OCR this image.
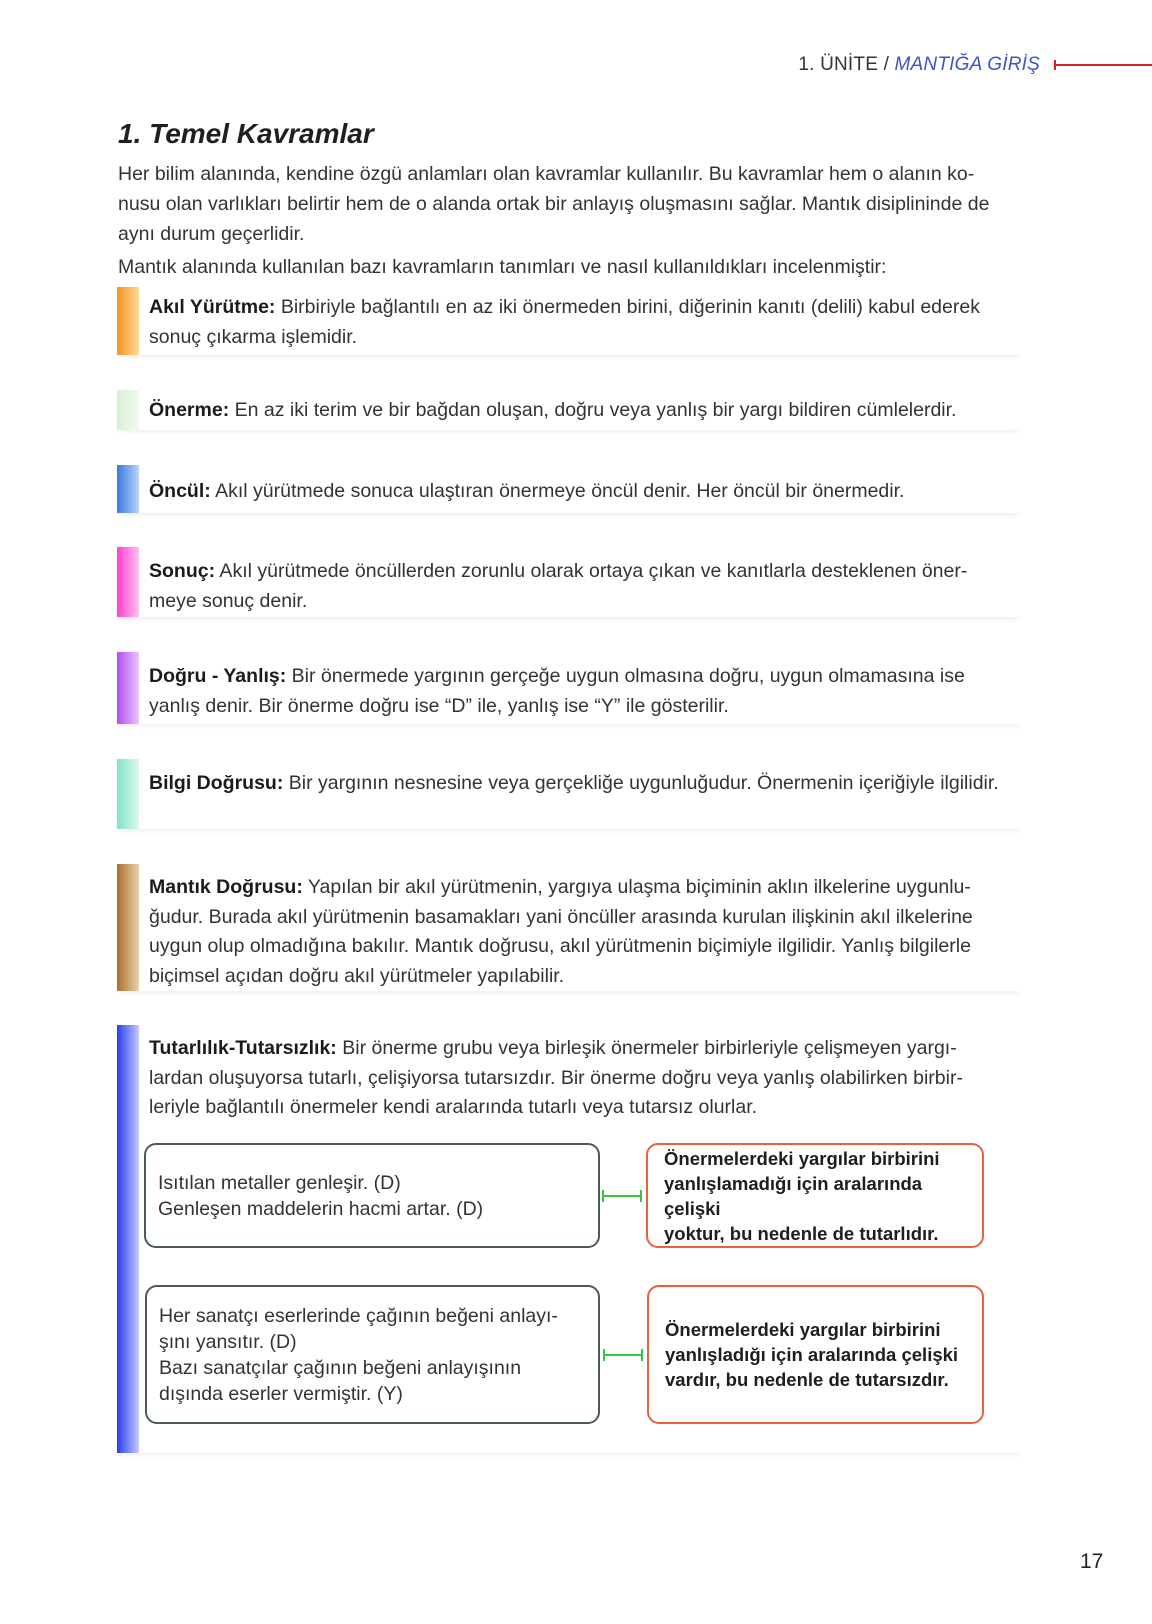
1. ÜNİTE / MANTIĞA GİRİŞ
1. Temel Kavramlar
Her bilim alanında, kendine özgü anlamları olan kavramlar kullanılır. Bu kavramlar hem o alanın ko-
nusu olan varlıkları belirtir hem de o alanda ortak bir anlayış oluşmasını sağlar. Mantık disiplininde de
aynı durum geçerlidir.
Mantık alanında kullanılan bazı kavramların tanımları ve nasıl kullanıldıkları incelenmiştir:
Akıl Yürütme: Birbiriyle bağlantılı en az iki önermeden birini, diğerinin kanıtı (delili) kabul ederek
sonuç çıkarma işlemidir.
Önerme: En az iki terim ve bir bağdan oluşan, doğru veya yanlış bir yargı bildiren cümlelerdir.
Öncül: Akıl yürütmede sonuca ulaştıran önermeye öncül denir. Her öncül bir önermedir.
Sonuç: Akıl yürütmede öncüllerden zorunlu olarak ortaya çıkan ve kanıtlarla desteklenen öner-
meye sonuç denir.
Doğru - Yanlış: Bir önermede yargının gerçeğe uygun olmasına doğru, uygun olmamasına ise
yanlış denir. Bir önerme doğru ise “D” ile, yanlış ise “Y” ile gösterilir.
Bilgi Doğrusu: Bir yargının nesnesine veya gerçekliğe uygunluğudur. Önermenin içeriğiyle ilgilidir.
Mantık Doğrusu: Yapılan bir akıl yürütmenin, yargıya ulaşma biçiminin aklın ilkelerine uygunlu-
ğudur. Burada akıl yürütmenin basamakları yani öncüller arasında kurulan ilişkinin akıl ilkelerine
uygun olup olmadığına bakılır. Mantık doğrusu, akıl yürütmenin biçimiyle ilgilidir. Yanlış bilgilerle
biçimsel açıdan doğru akıl yürütmeler yapılabilir.
Tutarlılık-Tutarsızlık: Bir önerme grubu veya birleşik önermeler birbirleriyle çelişmeyen yargı-
lardan oluşuyorsa tutarlı, çelişiyorsa tutarsızdır. Bir önerme doğru veya yanlış olabilirken birbir-
leriyle bağlantılı önermeler kendi aralarında tutarlı veya tutarsız olurlar.
Isıtılan metaller genleşir. (D)
Genleşen maddelerin hacmi artar. (D)
Önermelerdeki yargılar birbirini
yanlışlamadığı için aralarında çelişki
yoktur, bu nedenle de tutarlıdır.
Her sanatçı eserlerinde çağının beğeni anlayı-
şını yansıtır. (D)
Bazı sanatçılar çağının beğeni anlayışının
dışında eserler vermiştir. (Y)
Önermelerdeki yargılar birbirini
yanlışladığı için aralarında çelişki
vardır, bu nedenle de tutarsızdır.
17
